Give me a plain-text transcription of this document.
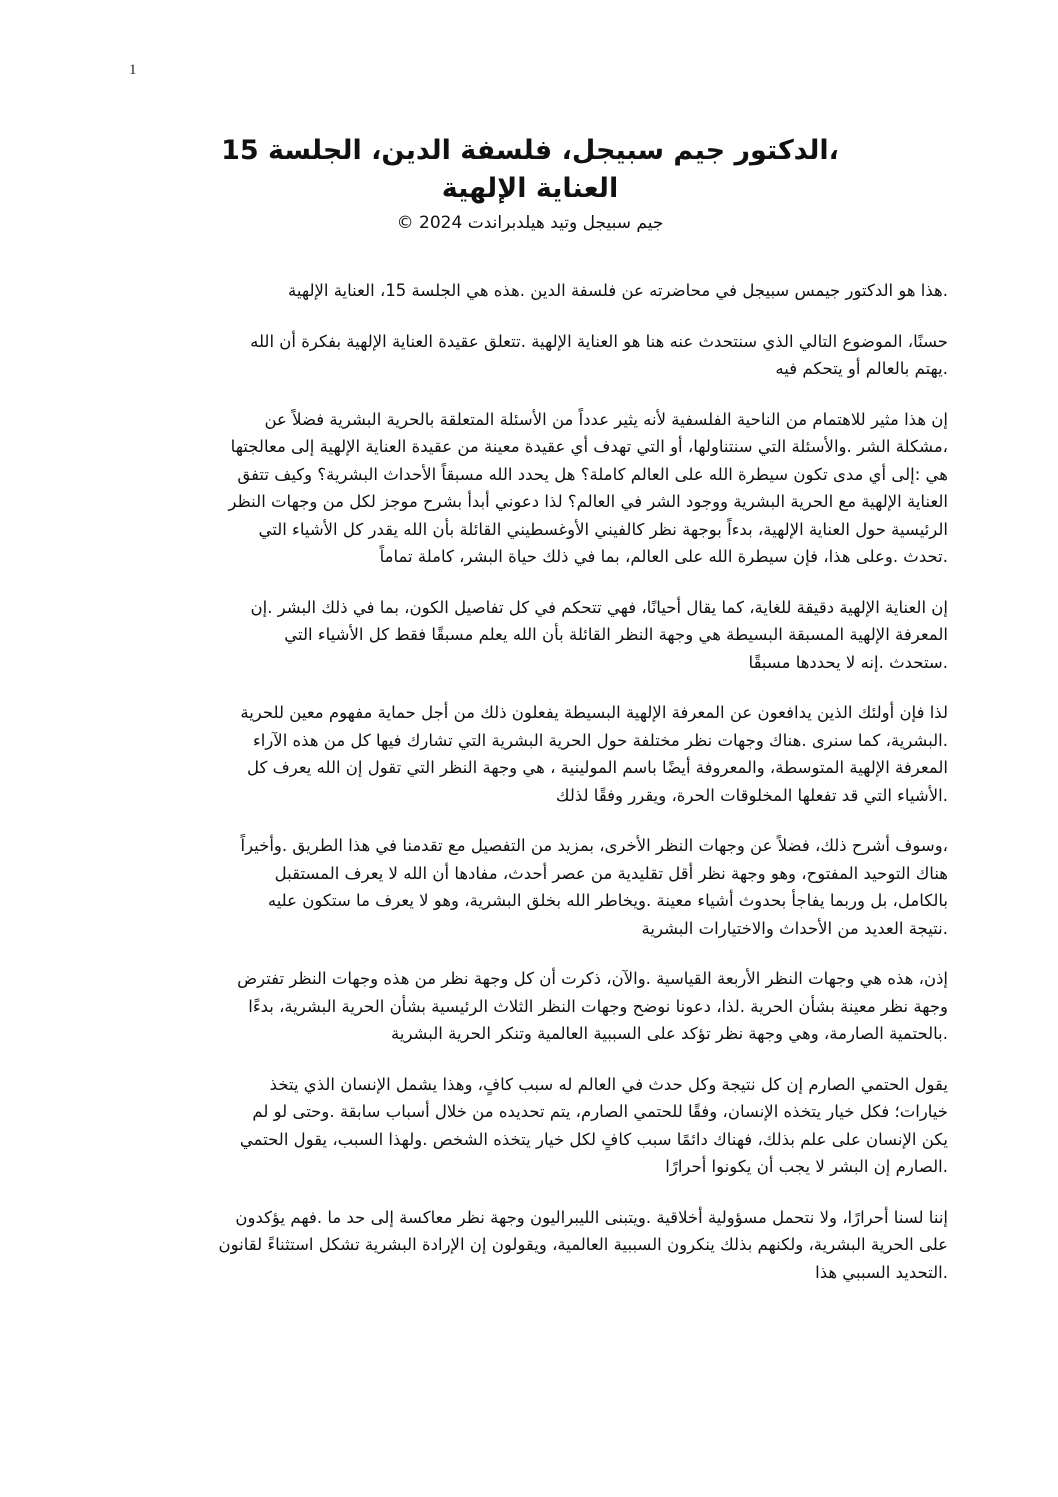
1
،الدكتور جيم سبيجل، فلسفة الدين، الجلسة 15
العناية الإلهية
جيم سبيجل وتيد هيلدبراندت 2024 ©
.هذا هو الدكتور جيمس سبيجل في محاضرته عن فلسفة الدين .هذه هي الجلسة 15، العناية الإلهية
حسنًا، الموضوع التالي الذي سنتحدث عنه هنا هو العناية الإلهية .تتعلق عقيدة العناية الإلهية بفكرة أن الله
.يهتم بالعالم أو يتحكم فيه
إن هذا مثير للاهتمام من الناحية الفلسفية لأنه يثير عدداً من الأسئلة المتعلقة بالحرية البشرية فضلاً عن
،مشكلة الشر .والأسئلة التي سنتناولها، أو التي تهدف أي عقيدة معينة من عقيدة العناية الإلهية إلى معالجتها
هي :إلى أي مدى تكون سيطرة الله على العالم كاملة؟ هل يحدد الله مسبقاً الأحداث البشرية؟ وكيف تتفق
العناية الإلهية مع الحرية البشرية ووجود الشر في العالم؟ لذا دعوني أبدأ بشرح موجز لكل من وجهات النظر
الرئيسية حول العناية الإلهية، بدءاً بوجهة نظر كالفيني الأوغسطيني القائلة بأن الله يقدر كل الأشياء التي
.تحدث .وعلى هذا، فإن سيطرة الله على العالم، بما في ذلك حياة البشر، كاملة تماماً
إن العناية الإلهية دقيقة للغاية، كما يقال أحيانًا، فهي تتحكم في كل تفاصيل الكون، بما في ذلك البشر .إن
المعرفة الإلهية المسبقة البسيطة هي وجهة النظر القائلة بأن الله يعلم مسبقًا فقط كل الأشياء التي
.ستحدث .إنه لا يحددها مسبقًا
لذا فإن أولئك الذين يدافعون عن المعرفة الإلهية البسيطة يفعلون ذلك من أجل حماية مفهوم معين للحرية
.البشرية، كما سنرى .هناك وجهات نظر مختلفة حول الحرية البشرية التي تشارك فيها كل من هذه الآراء
المعرفة الإلهية المتوسطة، والمعروفة أيضًا باسم المولينية ، هي وجهة النظر التي تقول إن الله يعرف كل
.الأشياء التي قد تفعلها المخلوقات الحرة، ويقرر وفقًا لذلك
،وسوف أشرح ذلك، فضلاً عن وجهات النظر الأخرى، بمزيد من التفصيل مع تقدمنا في هذا الطريق .وأخيراً
هناك التوحيد المفتوح، وهو وجهة نظر أقل تقليدية من عصر أحدث، مفادها أن الله لا يعرف المستقبل
بالكامل، بل وربما يفاجأ بحدوث أشياء معينة .ويخاطر الله بخلق البشرية، وهو لا يعرف ما ستكون عليه
.نتيجة العديد من الأحداث والاختيارات البشرية
إذن، هذه هي وجهات النظر الأربعة القياسية .والآن، ذكرت أن كل وجهة نظر من هذه وجهات النظر تفترض
وجهة نظر معينة بشأن الحرية .لذا، دعونا نوضح وجهات النظر الثلاث الرئيسية بشأن الحرية البشرية، بدءًا
.بالحتمية الصارمة، وهي وجهة نظر تؤكد على السببية العالمية وتنكر الحرية البشرية
يقول الحتمي الصارم إن كل نتيجة وكل حدث في العالم له سبب كافٍ، وهذا يشمل الإنسان الذي يتخذ
خيارات؛ فكل خيار يتخذه الإنسان، وفقًا للحتمي الصارم، يتم تحديده من خلال أسباب سابقة .وحتى لو لم
يكن الإنسان على علم بذلك، فهناك دائمًا سبب كافٍ لكل خيار يتخذه الشخص .ولهذا السبب، يقول الحتمي
.الصارم إن البشر لا يجب أن يكونوا أحرارًا
إننا لسنا أحرارًا، ولا نتحمل مسؤولية أخلاقية .ويتبنى الليبراليون وجهة نظر معاكسة إلى حد ما .فهم يؤكدون
على الحرية البشرية، ولكنهم بذلك ينكرون السببية العالمية، ويقولون إن الإرادة البشرية تشكل استثناءً لقانون
.التحديد السببي هذا
